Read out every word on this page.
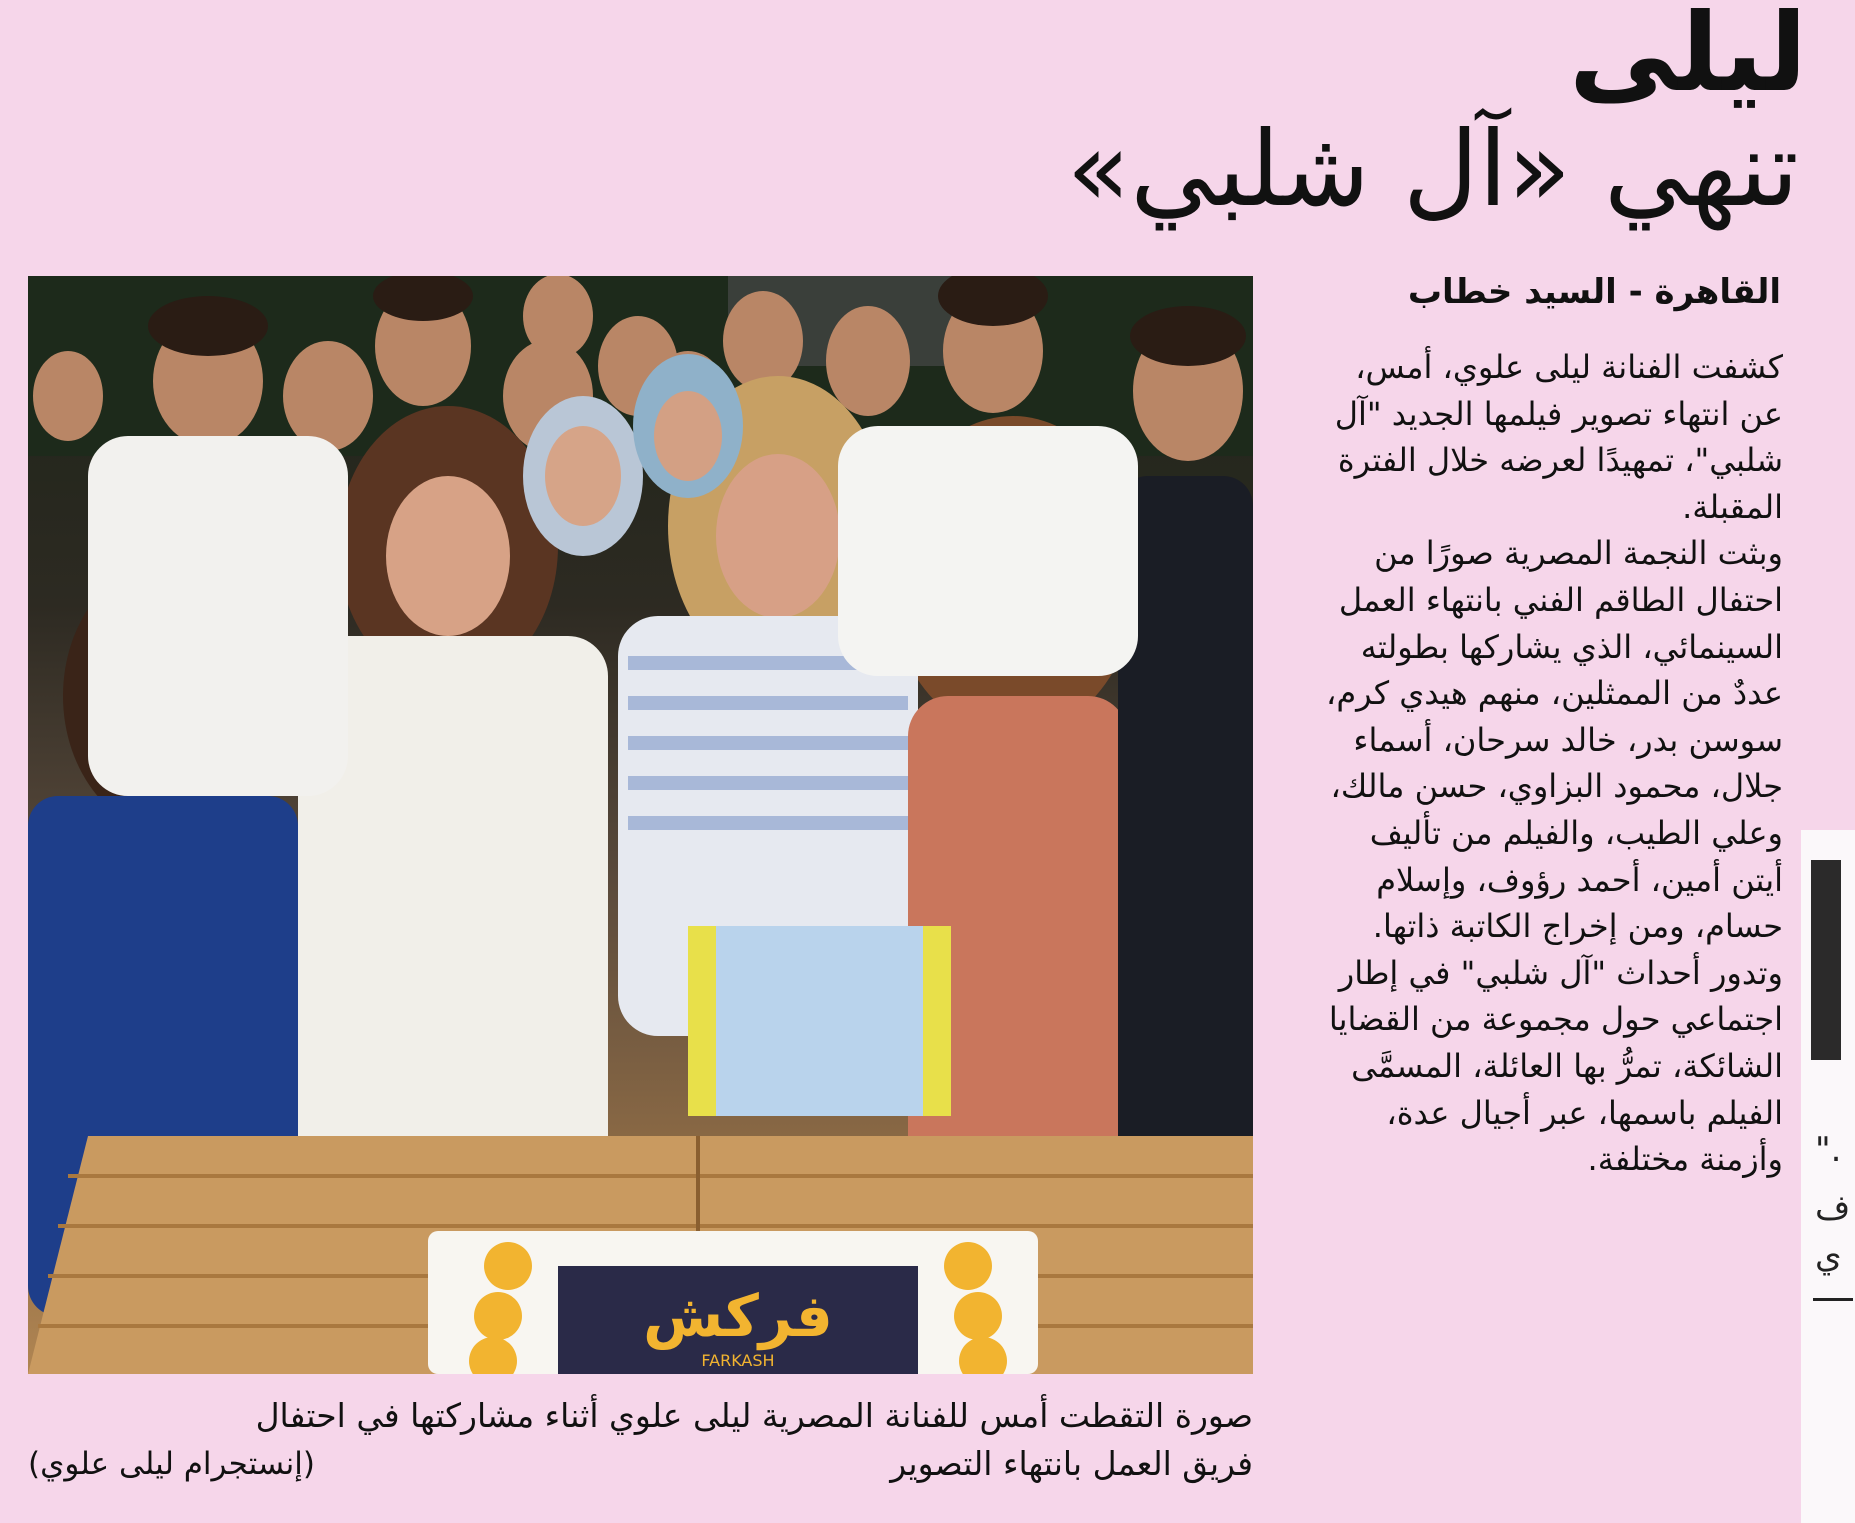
ليلى
تنهي «آل شلبي»
فركش
FARKASH
صورة التقطت أمس للفنانة المصرية ليلى علوي أثناء مشاركتها في احتفال
فريق العمل بانتهاء التصوير
(إنستجرام ليلى علوي)
القاهرة - السيد خطاب

كشفت الفنانة ليلى علوي، أمس، عن انتهاء تصوير فيلمها الجديد "آل شلبي"، تمهيدًا لعرضه خلال الفترة المقبلة.

وبثت النجمة المصرية صورًا من احتفال الطاقم الفني بانتهاء العمل السينمائي، الذي يشاركها بطولته عددٌ من الممثلين، منهم هيدي كرم، سوسن بدر، خالد سرحان، أسماء جلال، محمود البزاوي، حسن مالك، وعلي الطيب، والفيلم من تأليف أيتن أمين، أحمد رؤوف، وإسلام حسام، ومن إخراج الكاتبة ذاتها.

وتدور أحداث "آل شلبي" في إطار اجتماعي حول مجموعة من القضايا الشائكة، تمرُّ بها العائلة، المسمَّى الفيلم باسمها، عبر أجيال عدة، وأزمنة مختلفة. ".
ف
ي
